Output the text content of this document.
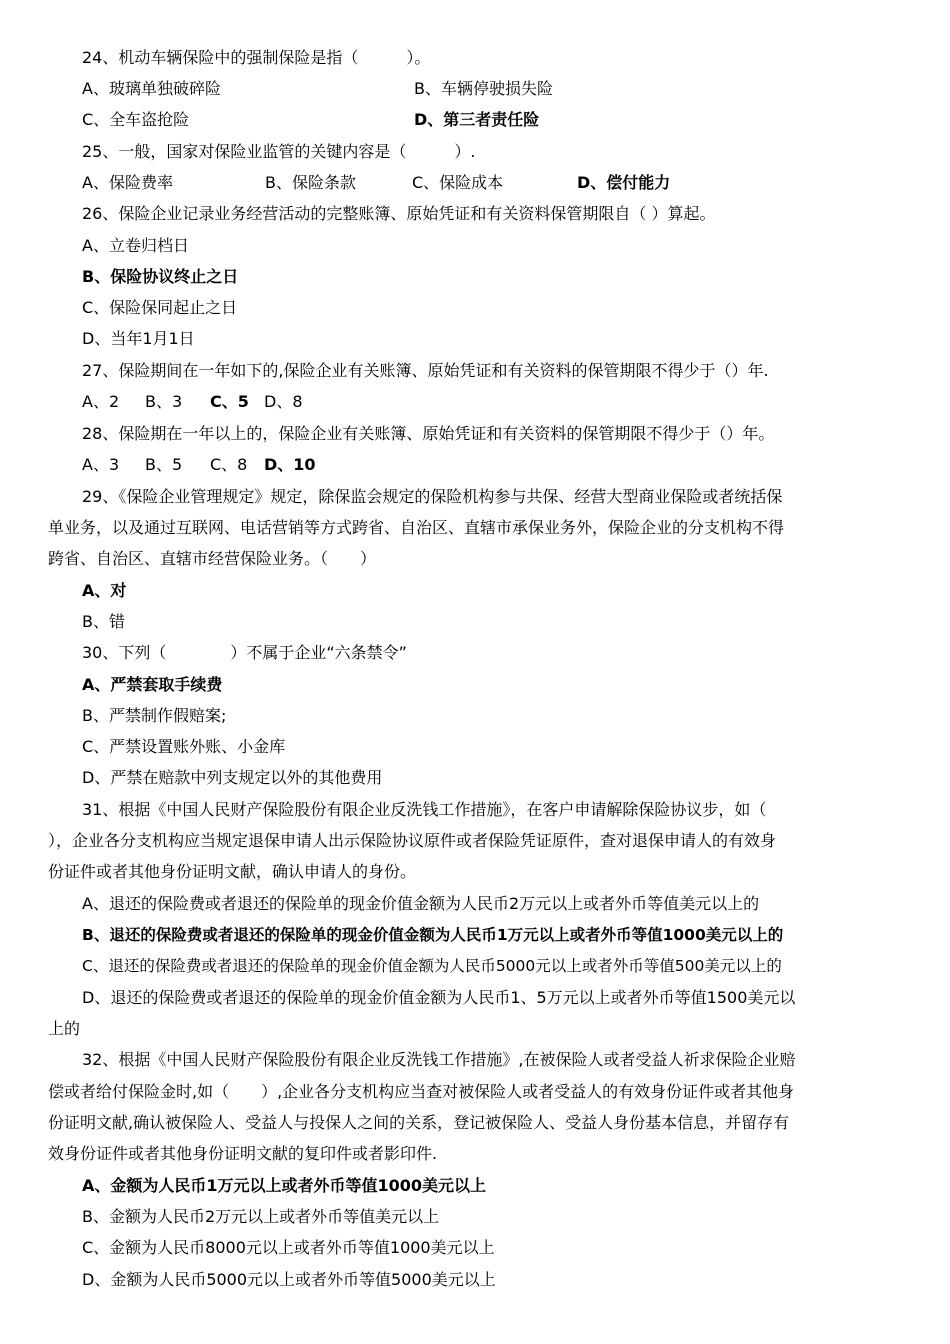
24、机动车辆保险中的强制保险是指（　　　）。
A、玻璃单独破碎险	B、车辆停驶损失险
C、全车盗抢险	D、第三者责任险
25、一般，国家对保险业监管的关键内容是（　　　）.
A、保险费率	B、保险条款	C、保险成本	D、偿付能力
26、保险企业记录业务经营活动的完整账簿、原始凭证和有关资料保管期限自（ ）算起。
A、立卷归档日
B、保险协议终止之日
C、保险保同起止之日
D、当年1月1日
27、保险期间在一年如下的,保险企业有关账簿、原始凭证和有关资料的保管期限不得少于（）年.
A、2 B、3 C、5 D、8
28、保险期在一年以上的，保险企业有关账簿、原始凭证和有关资料的保管期限不得少于（）年。
A、3 B、5 C、8 D、10
29、《保险企业管理规定》规定，除保监会规定的保险机构参与共保、经营大型商业保险或者统括保
单业务，以及通过互联网、电话营销等方式跨省、自治区、直辖市承保业务外，保险企业的分支机构不得
跨省、自治区、直辖市经营保险业务。（　　）
A、对
B、错
30、下列（　　　　）不属于企业“六条禁令”
A、严禁套取手续费
B、严禁制作假赔案;
C、严禁设置账外账、小金库
D、严禁在赔款中列支规定以外的其他费用
31、根据《中国人民财产保险股份有限企业反洗钱工作措施》，在客户申请解除保险协议步，如（
），企业各分支机构应当规定退保申请人出示保险协议原件或者保险凭证原件，查对退保申请人的有效身
份证件或者其他身份证明文献，确认申请人的身份。
A、退还的保险费或者退还的保险单的现金价值金额为人民币2万元以上或者外币等值美元以上的
B、退还的保险费或者退还的保险单的现金价值金额为人民币1万元以上或者外币等值1000美元以上的
C、退还的保险费或者退还的保险单的现金价值金额为人民币5000元以上或者外币等值500美元以上的
D、退还的保险费或者退还的保险单的现金价值金额为人民币1、5万元以上或者外币等值1500美元以
上的
32、根据《中国人民财产保险股份有限企业反洗钱工作措施》,在被保险人或者受益人祈求保险企业赔
偿或者给付保险金时,如（　　）,企业各分支机构应当查对被保险人或者受益人的有效身份证件或者其他身
份证明文献,确认被保险人、受益人与投保人之间的关系，登记被保险人、受益人身份基本信息，并留存有
效身份证件或者其他身份证明文献的复印件或者影印件.
A、金额为人民币1万元以上或者外币等值1000美元以上
B、金额为人民币2万元以上或者外币等值美元以上
C、金额为人民币8000元以上或者外币等值1000美元以上
D、金额为人民币5000元以上或者外币等值5000美元以上
